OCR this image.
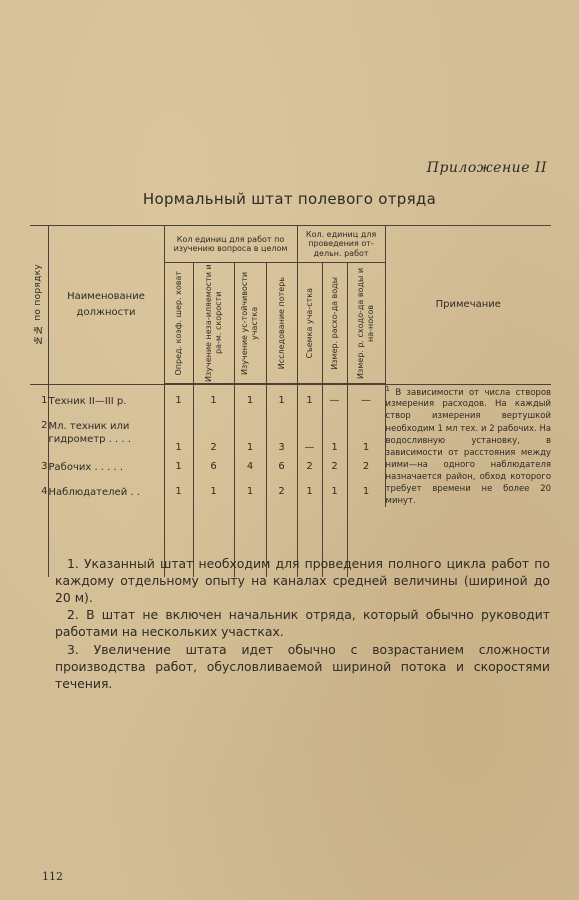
Приложение II
Нормальный штат полевого отряда
№№ по порядку	Наименование должности	Кол единиц для работ по изучению вопроса в целом				Кол. единиц для проведения от-дельн. работ			Примечание

		Опред. коэф. шер. ховат	Изучение неза-иляемости и ра-м. скорости	Изучение ус-тойчивости участка	Исследование потерь	Съемка уча-стка	Измер. расхо-да воды	Измер. р. сходо-да воды и на-носов	

									$^1$ В зависимости от числа створов измерения расходов. На каждый створ измерения вертушкой необходим 1 мл тех. и 2 рабочих. На водосливную установку, в зависимости от расстояния между ними—на одного наблюдателя назначается район, обход которого требует времени не более 20 минут.
1	Техник II—III р.	1	1	1	1	1	—	—	
2	Мл. техник или гидрометр . . . .	1	2	1	3	—	1	1	
3	Рабочих . . . . .	1	6	4	6	2	2	2	
4	Наблюдателей . .	1	1	1	2	1	1	1	

1. Указанный штат необходим для проведения полного цикла работ по каждому отдельному опыту на каналах средней величины (шириной до 20 м).

2. В штат не включен начальник отряда, который обычно руководит работами на нескольких участках.

3. Увеличение штата идет обычно с возрастанием сложности производства работ, обусловливаемой шириной потока и скоростями течения.

112
